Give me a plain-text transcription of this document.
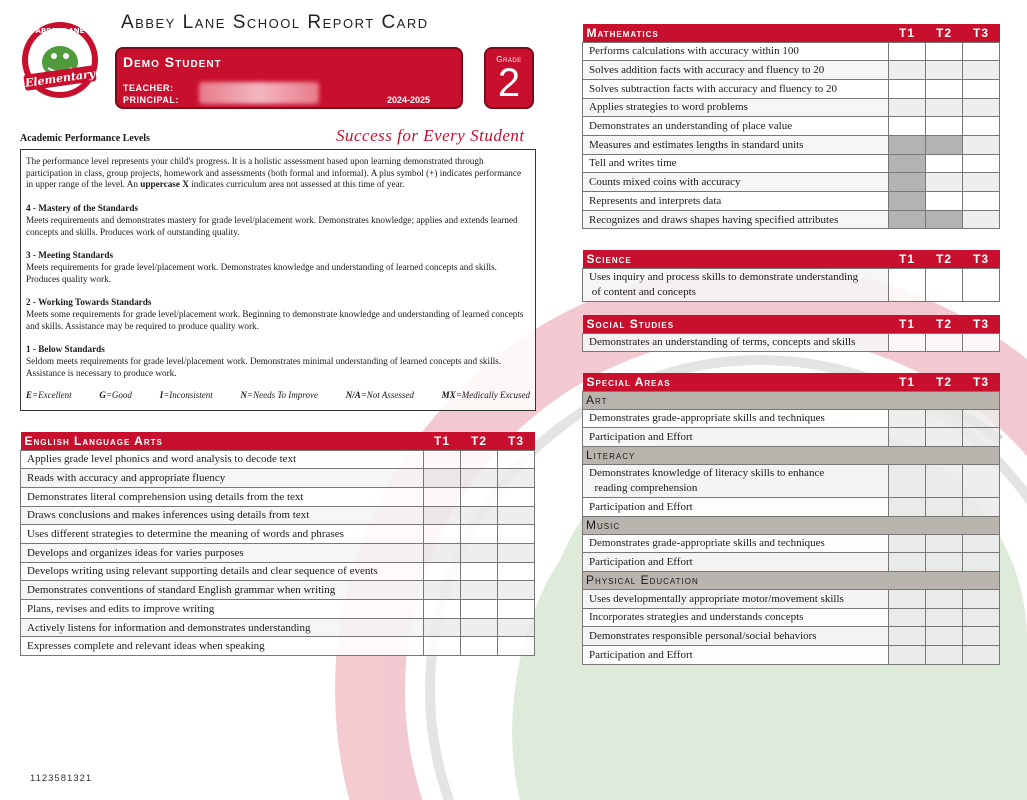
Elementary
ABBEY LANE Abbey Lane School Report Card
Demo Student
TEACHER:
PRINCIPAL:	2024-2025
Grade
2
Academic Performance Levels	Success for Every Student

The performance level represents your child's progress. It is a holistic assessment based upon learning demonstrated through participation in class, group projects, homework and assessments (both formal and informal). A plus symbol (+) indicates performance in upper range of the level. An uppercase X indicates curriculum area not assessed at this time of year.

4 - Mastery of the Standards
Meets requirements and demonstrates mastery for grade level/placement work. Demonstrates knowledge; applies and extends learned concepts and skills. Produces work of outstanding quality.

3 - Meeting Standards
Meets requirements for grade level/placement work. Demonstrates knowledge and understanding of learned concepts and skills. Produces quality work.

2 - Working Towards Standards
Meets some requirements for grade level/placement work. Beginning to demonstrate knowledge and understanding of learned concepts and skills. Assistance may be required to produce quality work.

1 - Below Standards
Seldom meets requirements for grade level/placement work. Demonstrates minimal understanding of learned concepts and skills. Assistance is necessary to produce work.

E=Excellent	G=Good	I=Inconsistent	N=Needs To Improve	N/A=Not Assessed	MX=Medically Excused
English Language Arts	T1	T2	T3
Applies grade level phonics and word analysis to decode text			
Reads with accuracy and appropriate fluency			
Demonstrates literal comprehension using details from the text			
Draws conclusions and makes inferences using details from text			
Uses different strategies to determine the meaning of words and phrases			
Develops and organizes ideas for varies purposes			
Develops writing using relevant supporting details and clear sequence of events			
Demonstrates conventions of standard English grammar when writing			
Plans, revises and edits to improve writing			
Actively listens for information and demonstrates understanding			
Expresses complete and relevant ideas when speaking			
Mathematics	T1	T2	T3
Performs calculations with accuracy within 100			
Solves addition facts with accuracy and fluency to 20			
Solves subtraction facts with accuracy and fluency to 20			
Applies strategies to word problems			
Demonstrates an understanding of place value			
Measures and estimates lengths in standard units			
Tell and writes time			
Counts mixed coins with accuracy			
Represents and interprets data			
Recognizes and draws shapes having specified attributes			
Science	T1	T2	T3
Uses inquiry and process skills to demonstrate understanding
of content and concepts			
Social Studies	T1	T2	T3
Demonstrates an understanding of terms, concepts and skills			
Special Areas	T1	T2	T3
Art			
Demonstrates grade-appropriate skills and techniques			
Participation and Effort			
Literacy			
Demonstrates knowledge of literacy skills to enhance
reading comprehension			
Participation and Effort			
Music			
Demonstrates grade-appropriate skills and techniques			
Participation and Effort			
Physical Education			
Uses developmentally appropriate motor/movement skills			
Incorporates strategies and understands concepts			
Demonstrates responsible personal/social behaviors			
Participation and Effort			
1123581321
